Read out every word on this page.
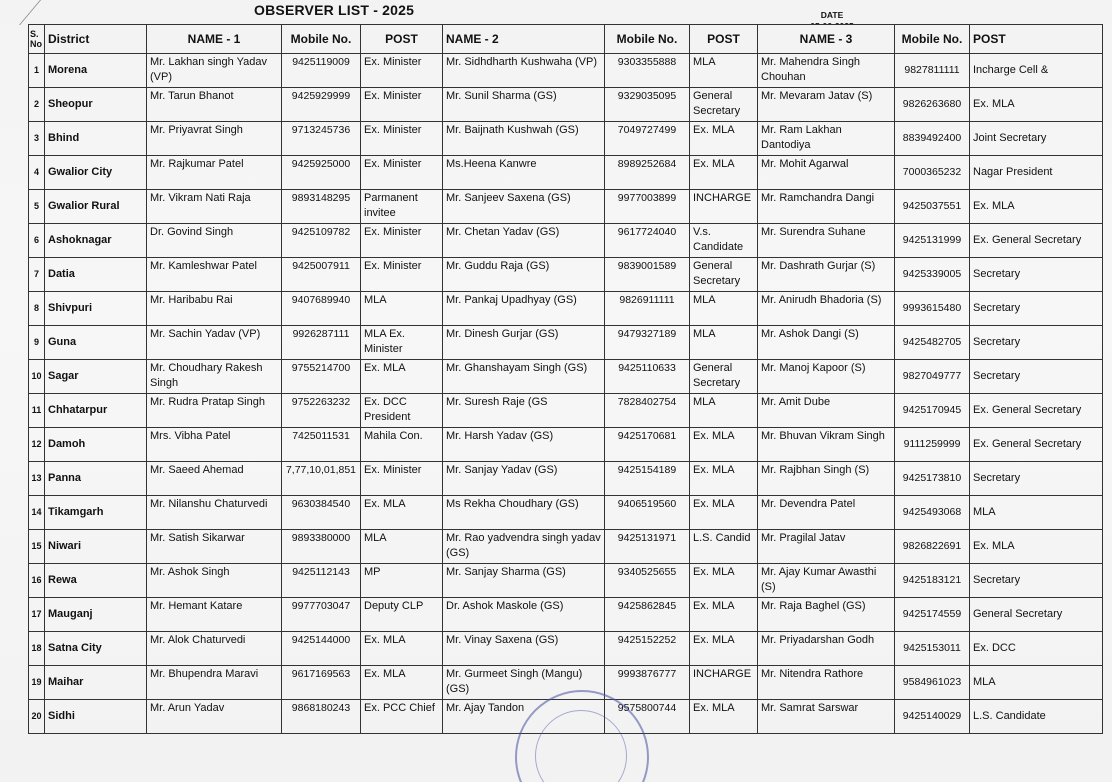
OBSERVER LIST - 2025	DATE
S. No	District	NAME - 1	Mobile No.	POST	NAME - 2	Mobile No.	POST	NAME - 3	Mobile No.	POST
1	Morena	Mr. Lakhan singh Yadav (VP)	9425119009	Ex. Minister	Mr. Sidhdharth Kushwaha (VP)	9303355888	MLA	Mr. Mahendra Singh Chouhan	9827811111	Incharge Cell &
2	Sheopur	Mr. Tarun Bhanot	9425929999	Ex. Minister	Mr. Sunil Sharma (GS)	9329035095	General Secretary	Mr. Mevaram Jatav (S)	9826263680	Ex. MLA
3	Bhind	Mr. Priyavrat Singh	9713245736	Ex. Minister	Mr. Baijnath Kushwah (GS)	7049727499	Ex. MLA	Mr. Ram Lakhan Dantodiya	8839492400	Joint Secretary
4	Gwalior City	Mr. Rajkumar Patel	9425925000	Ex. Minister	Ms.Heena Kanwre	8989252684	Ex. MLA	Mr. Mohit Agarwal	7000365232	Nagar President
5	Gwalior Rural	Mr. Vikram Nati Raja	9893148295	Parmanent invitee	Mr. Sanjeev Saxena (GS)	9977003899	INCHARGE	Mr. Ramchandra Dangi	9425037551	Ex. MLA
6	Ashoknagar	Dr. Govind Singh	9425109782	Ex. Minister	Mr. Chetan Yadav (GS)	9617724040	V.s. Candidate	Mr. Surendra Suhane	9425131999	Ex. General Secretary
7	Datia	Mr. Kamleshwar Patel	9425007911	Ex. Minister	Mr. Guddu Raja (GS)	9839001589	General Secretary	Mr. Dashrath Gurjar (S)	9425339005	Secretary
8	Shivpuri	Mr. Haribabu Rai	9407689940	MLA	Mr. Pankaj Upadhyay (GS)	9826911111	MLA	Mr. Anirudh Bhadoria (S)	9993615480	Secretary
9	Guna	Mr. Sachin Yadav (VP)	9926287111	MLA Ex. Minister	Mr. Dinesh Gurjar (GS)	9479327189	MLA	Mr. Ashok Dangi (S)	9425482705	Secretary
10	Sagar	Mr. Choudhary Rakesh Singh	9755214700	Ex. MLA	Mr. Ghanshayam Singh (GS)	9425110633	General Secretary	Mr. Manoj Kapoor (S)	9827049777	Secretary
11	Chhatarpur	Mr. Rudra Pratap Singh	9752263232	Ex. DCC President	Mr. Suresh Raje (GS	7828402754	MLA	Mr. Amit Dube	9425170945	Ex. General Secretary
12	Damoh	Mrs. Vibha Patel	7425011531	Mahila Con.	Mr. Harsh Yadav (GS)	9425170681	Ex. MLA	Mr. Bhuvan Vikram Singh	9111259999	Ex. General Secretary
13	Panna	Mr. Saeed Ahemad	7,77,10,01,851	Ex. Minister	Mr. Sanjay Yadav (GS)	9425154189	Ex. MLA	Mr. Rajbhan Singh (S)	9425173810	Secretary
14	Tikamgarh	Mr. Nilanshu Chaturvedi	9630384540	Ex. MLA	Ms Rekha Choudhary (GS)	9406519560	Ex. MLA	Mr. Devendra Patel	9425493068	MLA
15	Niwari	Mr. Satish Sikarwar	9893380000	MLA	Mr. Rao yadvendra singh yadav (GS)	9425131971	L.S. Candid	Mr. Pragilal Jatav	9826822691	Ex. MLA
16	Rewa	Mr. Ashok Singh	9425112143	MP	Mr. Sanjay Sharma (GS)	9340525655	Ex. MLA	Mr. Ajay Kumar Awasthi (S)	9425183121	Secretary
17	Mauganj	Mr. Hemant Katare	9977703047	Deputy CLP	Dr. Ashok Maskole (GS)	9425862845	Ex. MLA	Mr. Raja Baghel (GS)	9425174559	General Secretary
18	Satna City	Mr. Alok Chaturvedi	9425144000	Ex. MLA	Mr. Vinay Saxena (GS)	9425152252	Ex. MLA	Mr. Priyadarshan Godh	9425153011	Ex. DCC
19	Maihar	Mr. Bhupendra Maravi	9617169563	Ex. MLA	Mr. Gurmeet Singh (Mangu) (GS)	9993876777	INCHARGE	Mr. Nitendra Rathore	9584961023	MLA
20	Sidhi	Mr. Arun Yadav	9868180243	Ex. PCC Chief	Mr. Ajay Tandon	9575800744	Ex. MLA	Mr. Samrat Sarswar	9425140029	L.S. Candidate
